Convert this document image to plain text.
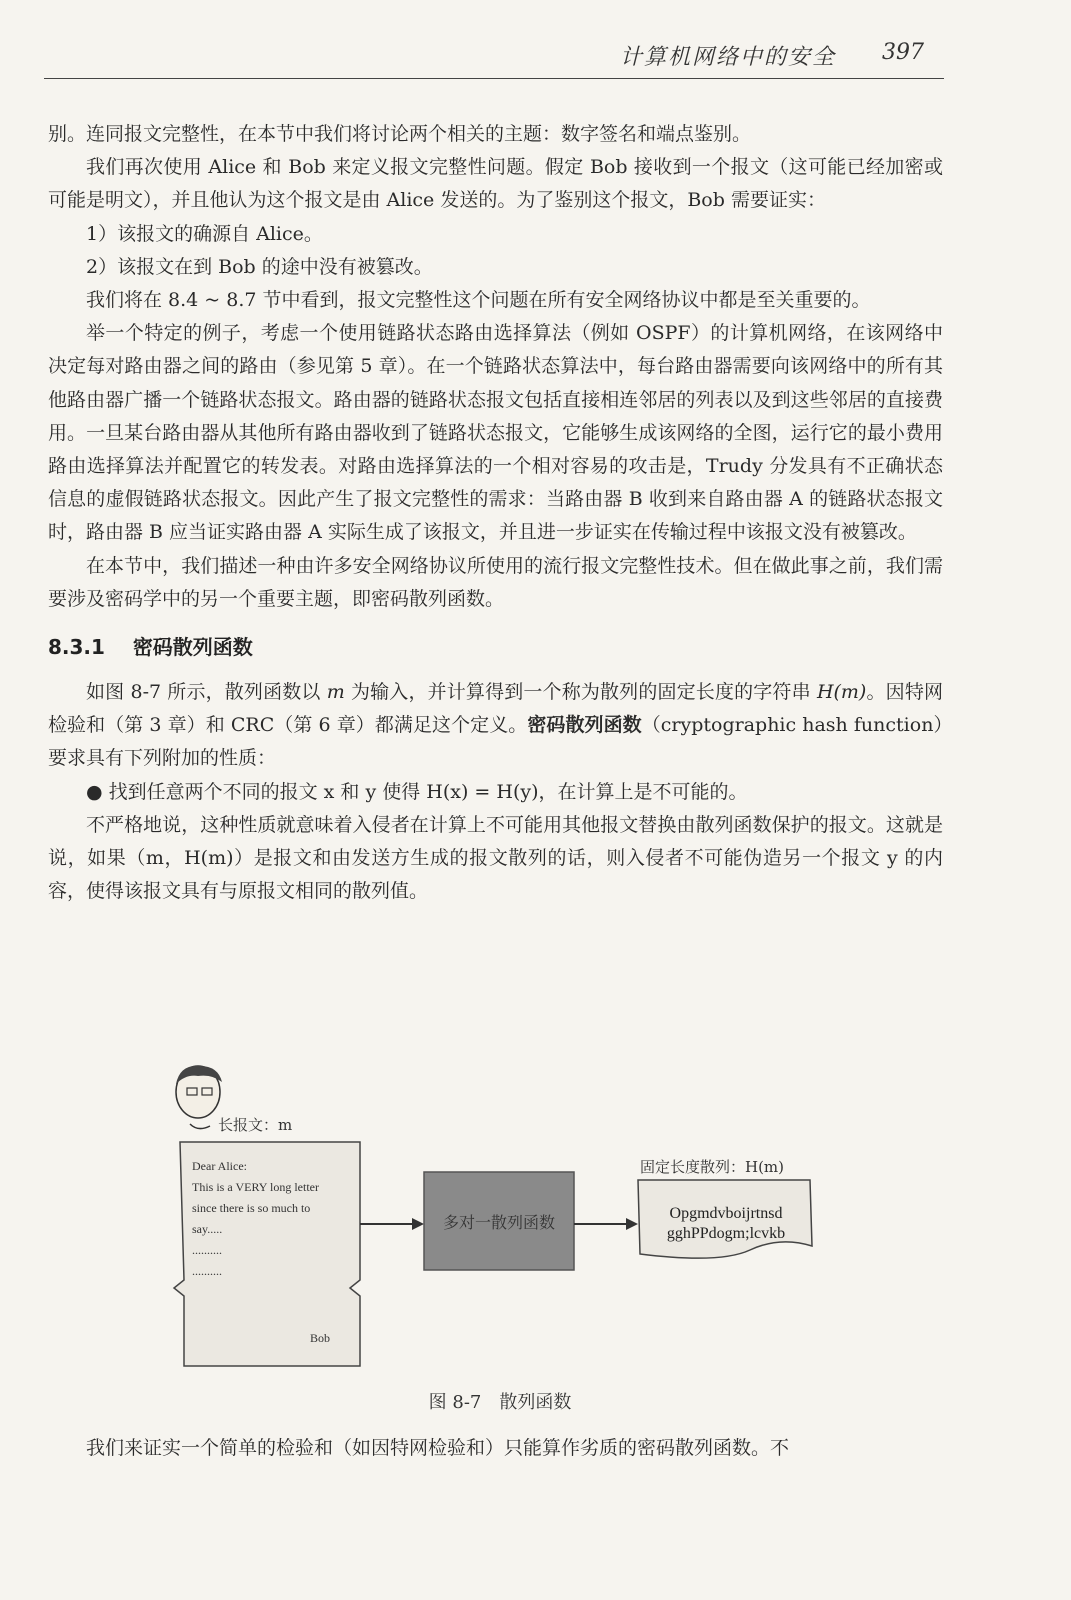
计算机网络中的安全 397

别。连同报文完整性，在本节中我们将讨论两个相关的主题：数字签名和端点鉴别。

我们再次使用 Alice 和 Bob 来定义报文完整性问题。假定 Bob 接收到一个报文（这可能已经加密或可能是明文），并且他认为这个报文是由 Alice 发送的。为了鉴别这个报文，Bob 需要证实：

1）该报文的确源自 Alice。

2）该报文在到 Bob 的途中没有被篡改。

我们将在 8.4 ~ 8.7 节中看到，报文完整性这个问题在所有安全网络协议中都是至关重要的。

举一个特定的例子，考虑一个使用链路状态路由选择算法（例如 OSPF）的计算机网络，在该网络中决定每对路由器之间的路由（参见第 5 章）。在一个链路状态算法中，每台路由器需要向该网络中的所有其他路由器广播一个链路状态报文。路由器的链路状态报文包括直接相连邻居的列表以及到这些邻居的直接费用。一旦某台路由器从其他所有路由器收到了链路状态报文，它能够生成该网络的全图，运行它的最小费用路由选择算法并配置它的转发表。对路由选择算法的一个相对容易的攻击是，Trudy 分发具有不正确状态信息的虚假链路状态报文。因此产生了报文完整性的需求：当路由器 B 收到来自路由器 A 的链路状态报文时，路由器 B 应当证实路由器 A 实际生成了该报文，并且进一步证实在传输过程中该报文没有被篡改。

在本节中，我们描述一种由许多安全网络协议所使用的流行报文完整性技术。但在做此事之前，我们需要涉及密码学中的另一个重要主题，即密码散列函数。

8.3.1 密码散列函数

如图 8-7 所示，散列函数以 m 为输入，并计算得到一个称为散列的固定长度的字符串 H(m)。因特网检验和（第 3 章）和 CRC（第 6 章）都满足这个定义。密码散列函数（cryptographic hash function）要求具有下列附加的性质：

● 找到任意两个不同的报文 x 和 y 使得 H(x) = H(y)，在计算上是不可能的。

不严格地说，这种性质就意味着入侵者在计算上不可能用其他报文替换由散列函数保护的报文。这就是说，如果（m，H(m)）是报文和由发送方生成的报文散列的话，则入侵者不可能伪造另一个报文 y 的内容，使得该报文具有与原报文相同的散列值。

长报文：m
Dear Alice:
This is a VERY long letter
since there is so much to
say.....
..........
..........
Bob
多对一散列函数
固定长度散列：H(m)
Opgmdvboijrtnsd
gghPPdogm;lcvkb
图 8-7　散列函数

我们来证实一个简单的检验和（如因特网检验和）只能算作劣质的密码散列函数。不
